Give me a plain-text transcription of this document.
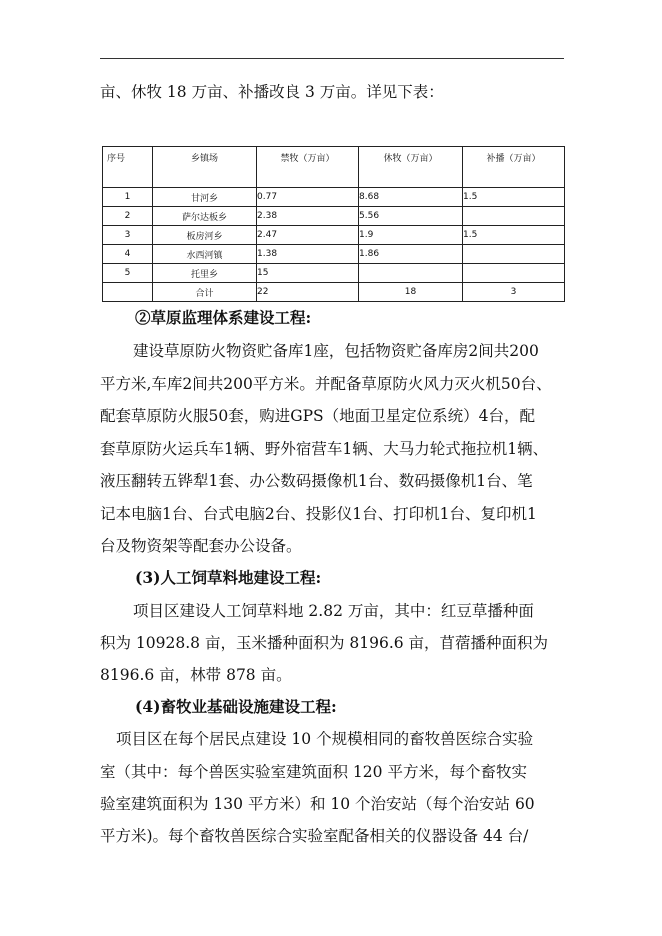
亩、休牧 18 万亩、补播改良 3 万亩。详见下表：
序号	乡镇场	禁牧（万亩）	休牧（万亩）	补播（万亩）
1	甘河乡	0.77	8.68	1.5
2	萨尔达板乡	2.38	5.56	
3	板房河乡	2.47	1.9	1.5
4	水西河镇	1.38	1.86	
5	托里乡	15		
	合计	22	18	3
②草原监理体系建设工程:
建设草原防火物资贮备库1座，包括物资贮备库房2间共200
平方米,车库2间共200平方米。并配备草原防火风力灭火机50台、
配套草原防火服50套，购进GPS（地面卫星定位系统）4台，配
套草原防火运兵车1辆、野外宿营车1辆、大马力轮式拖拉机1辆、
液压翻转五铧犁1套、办公数码摄像机1台、数码摄像机1台、笔
记本电脑1台、台式电脑2台、投影仪1台、打印机1台、复印机1
台及物资架等配套办公设备。
(3)人工饲草料地建设工程:
项目区建设人工饲草料地 2.82 万亩，其中：红豆草播种面
积为 10928.8 亩，玉米播种面积为 8196.6 亩，苜蓿播种面积为
8196.6 亩，林带 878 亩。
(4)畜牧业基础设施建设工程:
项目区在每个居民点建设 10 个规模相同的畜牧兽医综合实验
室（其中：每个兽医实验室建筑面积 120 平方米，每个畜牧实
验室建筑面积为 130 平方米）和 10 个治安站（每个治安站 60
平方米)。每个畜牧兽医综合实验室配备相关的仪器设备 44 台/
